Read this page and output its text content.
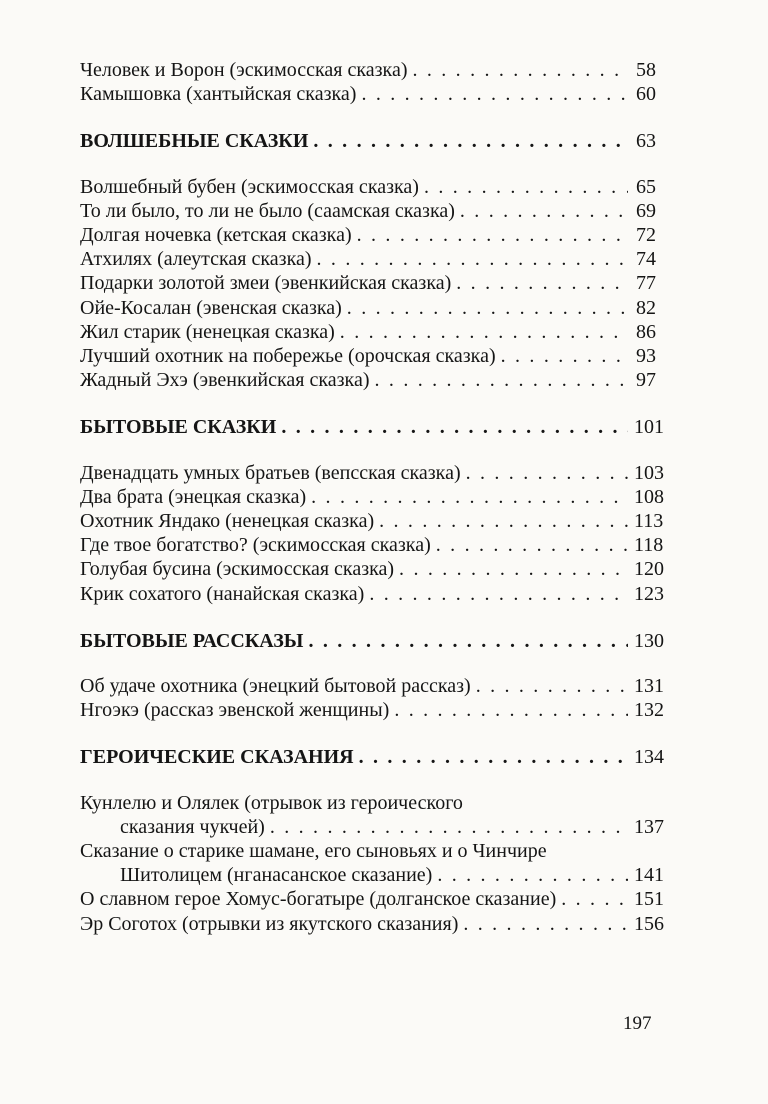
Человек и Ворон (эскимосская сказка) . . .	58
Камышовка (хантыйская сказка) . . .	60
ВОЛШЕБНЫЕ СКАЗКИ . . .	63
Волшебный бубен (эскимосская сказка) . . .	65
То ли было, то ли не было (саамская сказка) . . .	69
Долгая ночевка (кетская сказка) . . .	72
Атхилях (алеутская сказка) . . .	74
Подарки золотой змеи (эвенкийская сказка) . . .	77
Ойе-Косалан (эвенская сказка) . . .	82
Жил старик (ненецкая сказка) . . .	86
Лучший охотник на побережье (орочская сказка) . . .	93
Жадный Эхэ (эвенкийская сказка) . . .	97
БЫТОВЫЕ СКАЗКИ . . .	101
Двенадцать умных братьев (вепсская сказка) . . .	103
Два брата (энецкая сказка) . . .	108
Охотник Яндако (ненецкая сказка) . . .	113
Где твое богатство? (эскимосская сказка) . . .	118
Голубая бусина (эскимосская сказка) . . .	120
Крик сохатого (нанайская сказка) . . .	123
БЫТОВЫЕ РАССКАЗЫ . . .	130
Об удаче охотника (энецкий бытовой рассказ) . . .	131
Нгоэкэ (рассказ эвенской женщины) . . .	132
ГЕРОИЧЕСКИЕ СКАЗАНИЯ . . .	134
Кунлелю и Олялек (отрывок из героического
сказания чукчей) . . .	137
Сказание о старике шамане, его сыновьях и о Чинчире
Шитолицем (нганасанское сказание) . . .	141
О славном герое Хомус-богатыре (долганское сказание) . . .	151
Эр Соготох (отрывки из якутского сказания) . . .	156
197
